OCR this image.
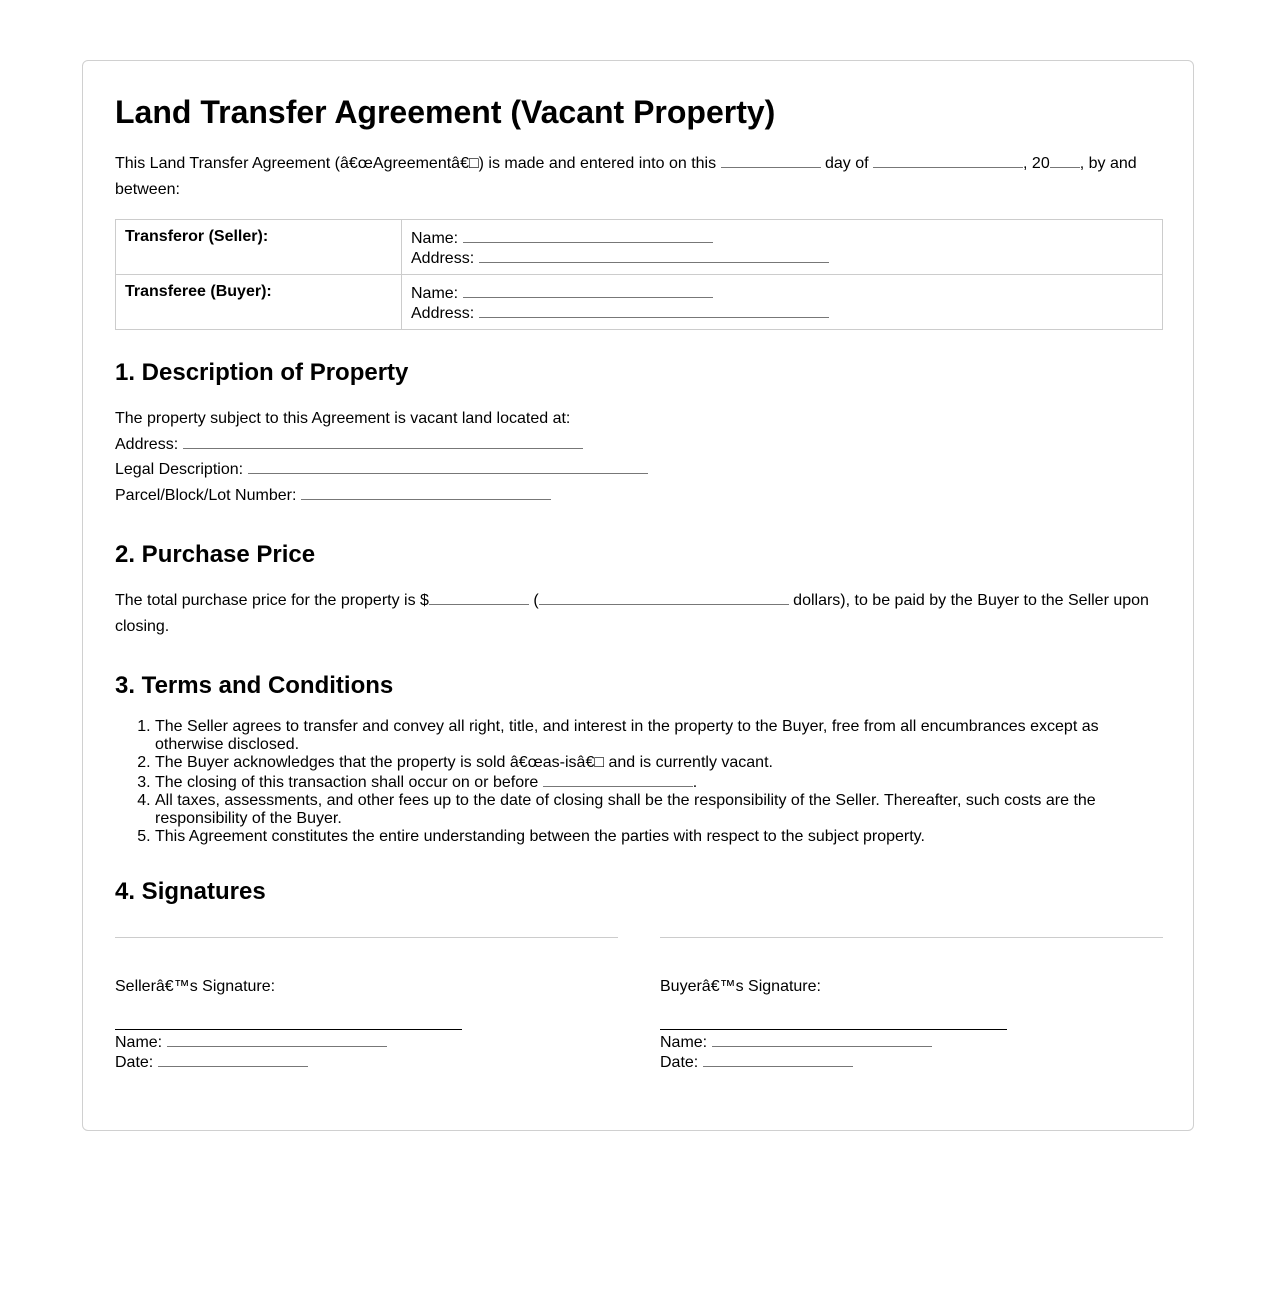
Land Transfer Agreement (Vacant Property)

This Land Transfer Agreement (â€œAgreementâ€□) is made and entered into on this	day of	, 20 , by and between:

Transferor (Seller):	Name:
Address:
Transferee (Buyer):	Name:
Address:
1. Description of Property
The property subject to this Agreement is vacant land located at:
Address:
Legal Description:
Parcel/Block/Lot Number:
2. Purchase Price

The total purchase price for the property is $	(	dollars), to be paid by the Buyer to the Seller upon closing.

3. Terms and Conditions
1. The Seller agrees to transfer and convey all right, title, and interest in the property to the Buyer, free from all encumbrances except as otherwise disclosed.
2. The Buyer acknowledges that the property is sold â€œas-isâ€□ and is currently vacant.
3. The closing of this transaction shall occur on or before	.
4. All taxes, assessments, and other fees up to the date of closing shall be the responsibility of the Seller. Thereafter, such costs are the responsibility of the Buyer.
5. This Agreement constitutes the entire understanding between the parties with respect to the subject property.
4. Signatures
Sellerâ€™s Signature:
Name:
Date:
Buyerâ€™s Signature:
Name:
Date:
